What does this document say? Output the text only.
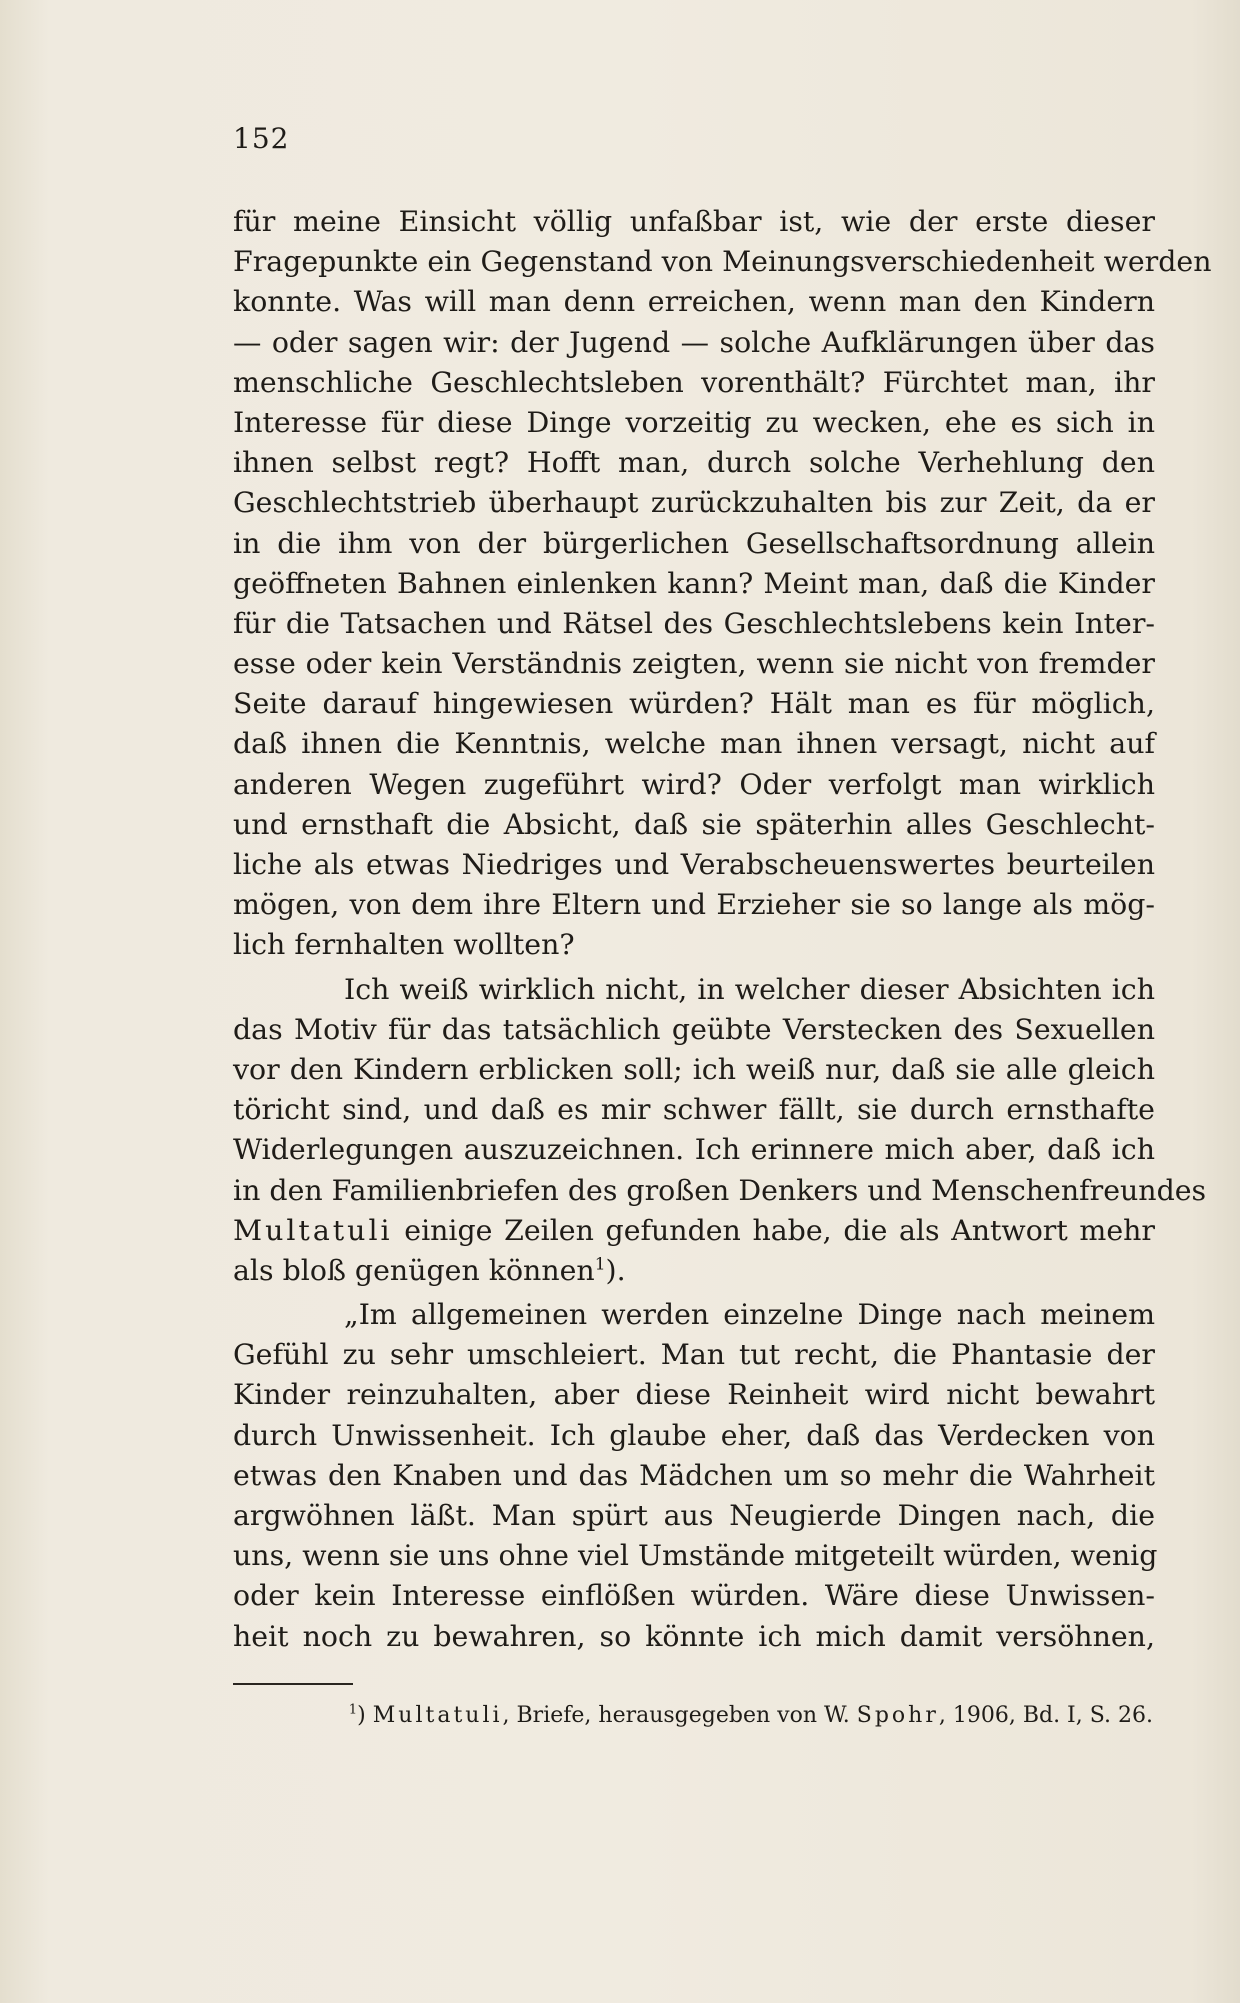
152
für meine Einsicht völlig unfaßbar ist, wie der erste dieser
Fragepunkte ein Gegenstand von Meinungsverschiedenheit werden
konnte. Was will man denn erreichen, wenn man den Kindern
— oder sagen wir: der Jugend — solche Aufklärungen über das
menschliche Geschlechtsleben vorenthält? Fürchtet man, ihr
Interesse für diese Dinge vorzeitig zu wecken, ehe es sich in
ihnen selbst regt? Hofft man, durch solche Verhehlung den
Geschlechtstrieb überhaupt zurückzuhalten bis zur Zeit, da er
in die ihm von der bürgerlichen Gesellschaftsordnung allein
geöffneten Bahnen einlenken kann? Meint man, daß die Kinder
für die Tatsachen und Rätsel des Geschlechtslebens kein Inter-
esse oder kein Verständnis zeigten, wenn sie nicht von fremder
Seite darauf hingewiesen würden? Hält man es für möglich,
daß ihnen die Kenntnis, welche man ihnen versagt, nicht auf
anderen Wegen zugeführt wird? Oder verfolgt man wirklich
und ernsthaft die Absicht, daß sie späterhin alles Geschlecht-
liche als etwas Niedriges und Verabscheuenswertes beurteilen
mögen, von dem ihre Eltern und Erzieher sie so lange als mög-
lich fernhalten wollten?
Ich weiß wirklich nicht, in welcher dieser Absichten ich
das Motiv für das tatsächlich geübte Verstecken des Sexuellen
vor den Kindern erblicken soll; ich weiß nur, daß sie alle gleich
töricht sind, und daß es mir schwer fällt, sie durch ernsthafte
Widerlegungen auszuzeichnen. Ich erinnere mich aber, daß ich
in den Familienbriefen des großen Denkers und Menschenfreundes
Multatuli einige Zeilen gefunden habe, die als Antwort mehr
als bloß genügen können$^1$).
„Im allgemeinen werden einzelne Dinge nach meinem
Gefühl zu sehr umschleiert. Man tut recht, die Phantasie der
Kinder reinzuhalten, aber diese Reinheit wird nicht bewahrt
durch Unwissenheit. Ich glaube eher, daß das Verdecken von
etwas den Knaben und das Mädchen um so mehr die Wahrheit
argwöhnen läßt. Man spürt aus Neugierde Dingen nach, die
uns, wenn sie uns ohne viel Umstände mitgeteilt würden, wenig
oder kein Interesse einflößen würden. Wäre diese Unwissen-
heit noch zu bewahren, so könnte ich mich damit versöhnen,
$^1$) Multatuli, Briefe, herausgegeben von W. Spohr, 1906, Bd. I, S. 26.
